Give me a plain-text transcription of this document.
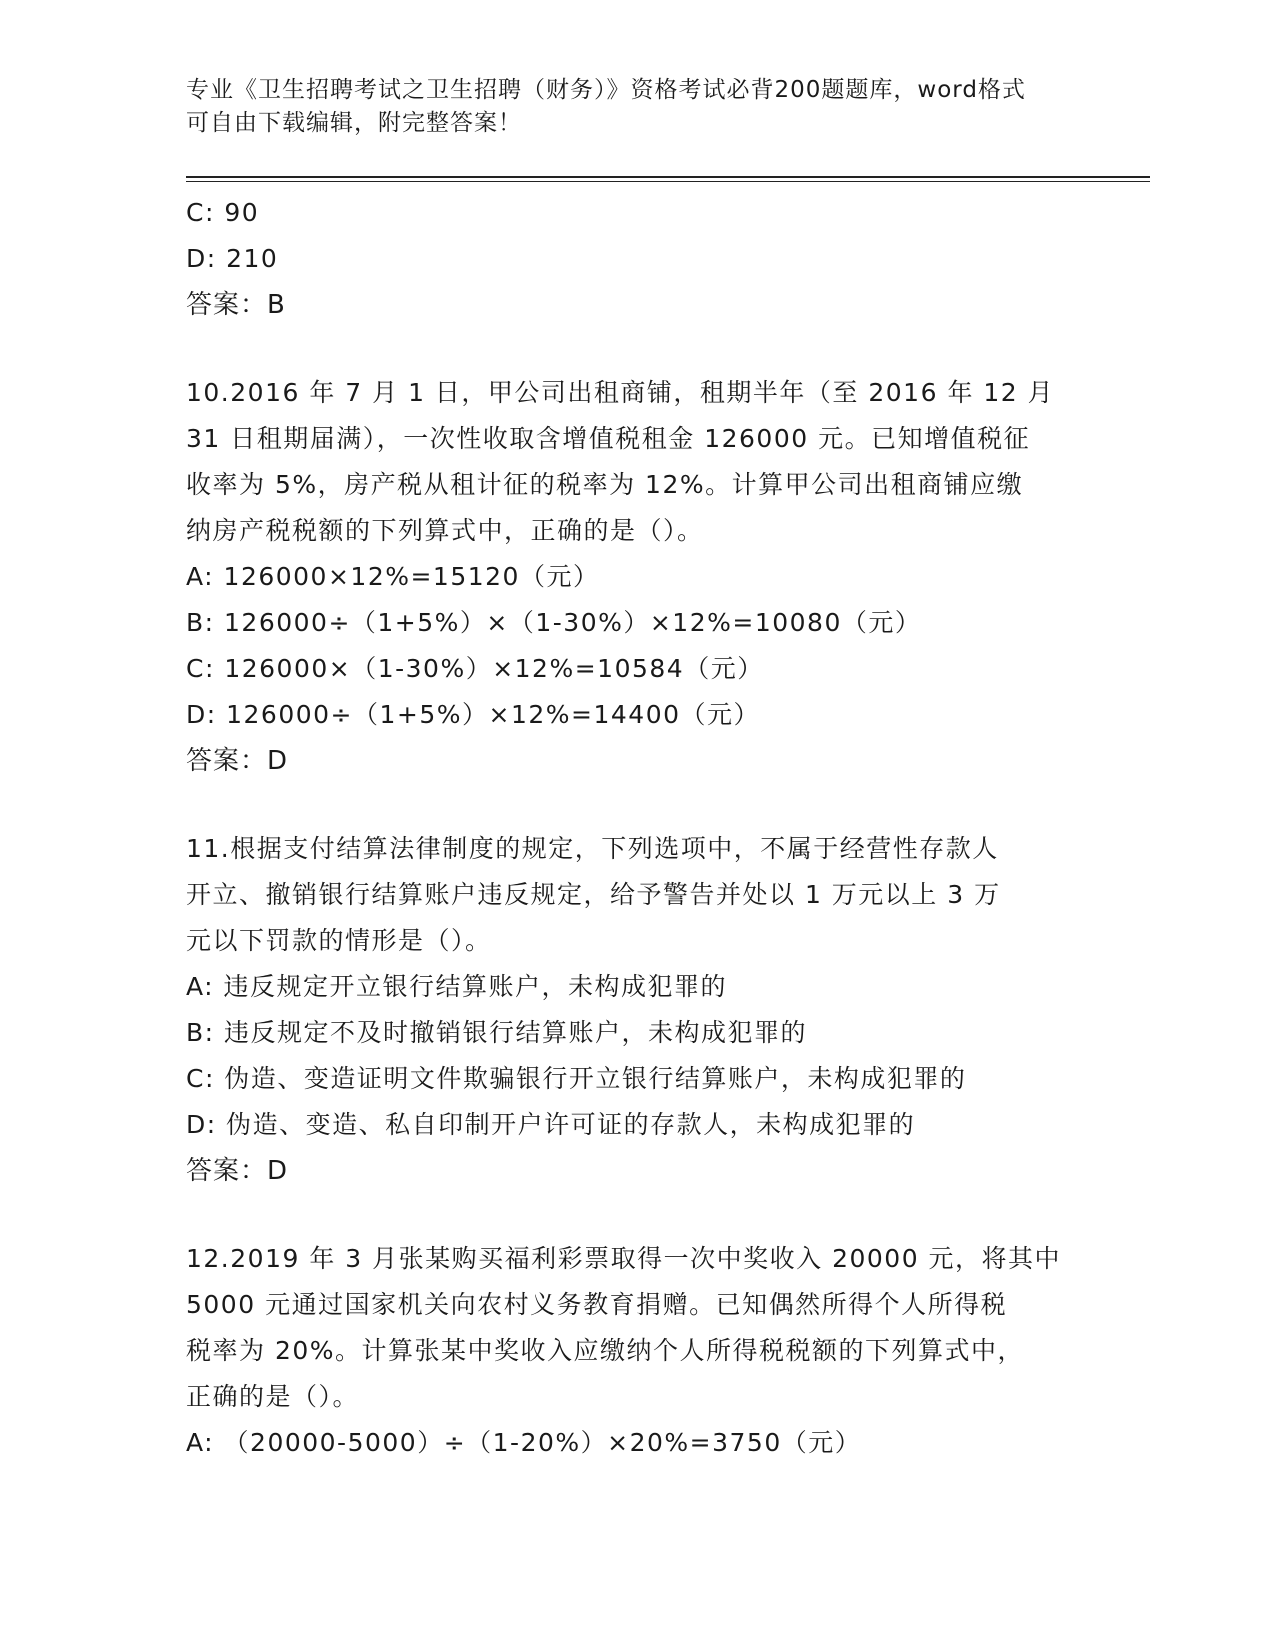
专业《卫生招聘考试之卫生招聘（财务）》资格考试必背200题题库，word格式
可自由下载编辑，附完整答案！
C: 90
D: 210
答案：B
10.2016 年 7 月 1 日，甲公司出租商铺，租期半年（至 2016 年 12 月
31 日租期届满），一次性收取含增值税租金 126000 元。已知增值税征
收率为 5%，房产税从租计征的税率为 12%。计算甲公司出租商铺应缴
纳房产税税额的下列算式中，正确的是（）。
A: 126000×12%=15120（元）
B: 126000÷（1+5%）×（1-30%）×12%=10080（元）
C: 126000×（1-30%）×12%=10584（元）
D: 126000÷（1+5%）×12%=14400（元）
答案：D
11.根据支付结算法律制度的规定，下列选项中，不属于经营性存款人
开立、撤销银行结算账户违反规定，给予警告并处以 1 万元以上 3 万
元以下罚款的情形是（）。
A: 违反规定开立银行结算账户，未构成犯罪的
B: 违反规定不及时撤销银行结算账户，未构成犯罪的
C: 伪造、变造证明文件欺骗银行开立银行结算账户，未构成犯罪的
D: 伪造、变造、私自印制开户许可证的存款人，未构成犯罪的
答案：D
12.2019 年 3 月张某购买福利彩票取得一次中奖收入 20000 元，将其中
5000 元通过国家机关向农村义务教育捐赠。已知偶然所得个人所得税
税率为 20%。计算张某中奖收入应缴纳个人所得税税额的下列算式中，
正确的是（）。
A: （20000-5000）÷（1-20%）×20%=3750（元）
